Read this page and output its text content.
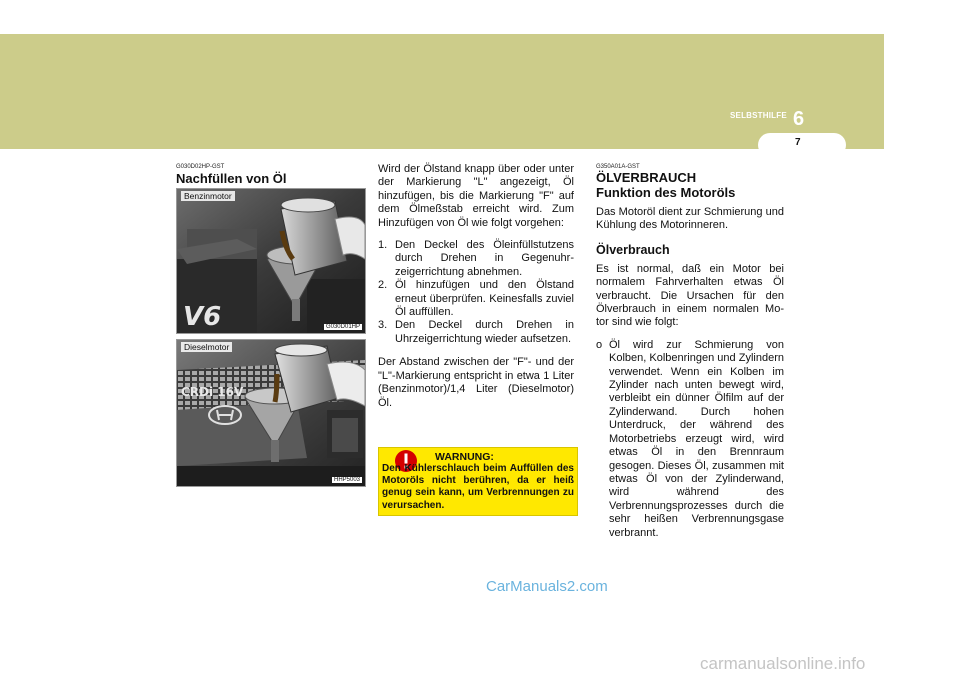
SELBSTHILFE 6
7
G030D02HP-GST
Nachfüllen von Öl
V6
Benzinmotor
G030D01HP
CRDi 16V
Dieselmotor
HHP5003

Wird der Ölstand knapp über oder unter der Markierung "L" angezeigt, Öl hinzufügen, bis die Markierung "F" auf dem Ölmeßstab erreicht wird. Zum Hinzufügen von Öl wie folgt vorgehen:

1. Den Deckel des Öleinfüllstutzens durch Drehen in Gegenuhr-zeigerrichtung abnehmen.
2. Öl hinzufügen und den Ölstand erneut überprüfen. Keinesfalls zuviel Öl auffüllen.
3. Den Deckel durch Drehen in Uhrzeigerrichtung wieder aufsetzen.

Der Abstand zwischen der "F"- und der "L"-Markierung entspricht in etwa 1 Liter (Benzinmotor)/1,4 Liter (Dieselmotor) Öl.

WARNUNG:
Den Kühlerschlauch beim Auffüllen des Motoröls nicht berühren, da er heiß genug sein kann, um Verbrennungen zu verursachen.
G350A01A-GST
ÖLVERBRAUCH
Funktion des Motoröls

Das Motoröl dient zur Schmierung und Kühlung des Motorinneren.

Ölverbrauch

Es ist normal, daß ein Motor bei normalem Fahrverhalten etwas Öl verbraucht. Die Ursachen für den Ölverbrauch in einem normalen Mo-tor sind wie folgt:

o Öl wird zur Schmierung von Kolben, Kolbenringen und Zylindern verwendet. Wenn ein Kolben im Zylinder nach unten bewegt wird, verbleibt ein dünner Ölfilm auf der Zylinderwand. Durch hohen Unterdruck, der während des Motorbetriebs erzeugt wird, wird etwas Öl in den Brennraum gesogen. Dieses Öl, zusammen mit etwas Öl von der Zylinderwand, wird während des Verbrennungsprozesses durch die sehr heißen Verbrennungsgase verbrannt.
CarManuals2.com
carmanualsonline.info
